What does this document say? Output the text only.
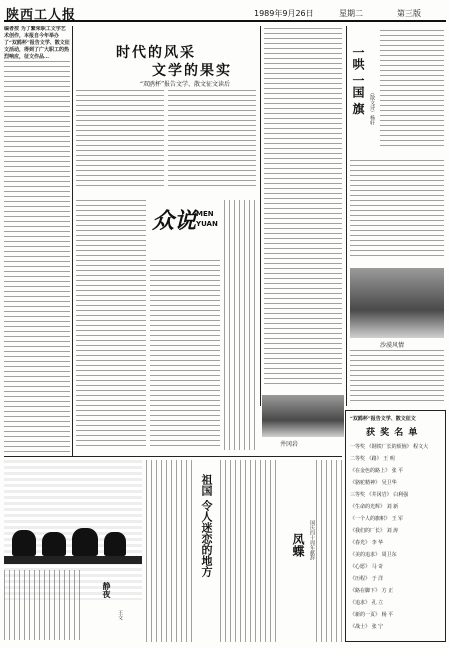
陕西工人报	1989年9月26日	星期二	第三版
编者按 为了繁荣职工文学艺术创作，本报自今年举办了“双鸥杯”报告文学、散文征文活动，得到了广大职工的热烈响应，征文作品…	时代的风采
文学的果实
“双鸥杯”报告文学、散文征文读后
众说 MEN
YUAN
井冈岩
一哄 一国 旗 （散文诗）杨轩
沙漠风情
“双鸥杯”报告文学、散文征文
获 奖 名 单
一等奖 《钢铁厂长的烦恼》 程文大
二等奖 《路》 王 明
《在金色的路上》 张 平
《骆驼精神》 吴卫华
三等奖 《井冈岩》 白利强
《生命的光辉》 刘 新
《一个人的旗帜》 王 军
《我们的厂长》 刘 涛
《春光》 李 华
《美的追求》 周卫东
《心愿》 马 奇
《历程》 于 洋
《路在脚下》 方 正
《追求》 孔 立
《新的一页》 杨 平
《战士》 张 宁
静夜
王文
祖国 令人迷恋的地方	凤蝶 国庆四十周年献辞
